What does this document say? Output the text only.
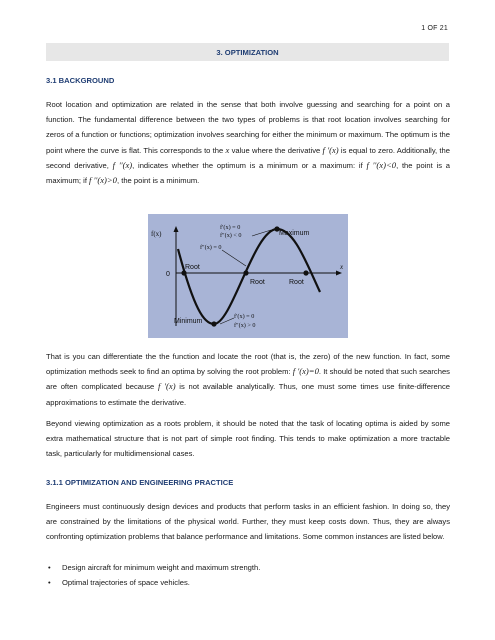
1 OF 21
3. OPTIMIZATION
3.1 BACKGROUND

Root location and optimization are related in the sense that both involve guessing and searching for a point on a function. The fundamental difference between the two types of problems is that root location involves searching for zeros of a function or functions; optimization involves searching for either the minimum or maximum. The optimum is the point where the curve is flat. This corresponds to the x value where the derivative f ′(x) is equal to zero. Additionally, the second derivative, f ′′(x), indicates whether the optimum is a minimum or a maximum: if f ′′(x)<0, the point is a maximum; if f ′′(x)>0, the point is a minimum.

f(x)
x
0
Root
Root	Root
Maximum
Minimum
f′(x) = 0
f″(x) < 0
f″(x) = 0
f′(x) = 0
f″(x) > 0

That is you can differentiate the the function and locate the root (that is, the zero) of the new function. In fact, some optimization methods seek to find an optima by solving the root problem: f ′(x)=0. It should be noted that such searches are often complicated because f ′(x) is not available analytically. Thus, one must some times use finite-difference approximations to estimate the derivative.

Beyond viewing optimization as a roots problem, it should be noted that the task of locating optima is aided by some extra mathematical structure that is not part of simple root finding. This tends to make optimization a more tractable task, particularly for multidimensional cases.

3.1.1 OPTIMIZATION AND ENGINEERING PRACTICE

Engineers must continuously design devices and products that perform tasks in an efficient fashion. In doing so, they are constrained by the limitations of the physical world. Further, they must keep costs down. Thus, they are always confronting optimization problems that balance performance and limitations. Some common instances are listed below.

• Design aircraft for minimum weight and maximum strength.
• Optimal trajectories of space vehicles.
